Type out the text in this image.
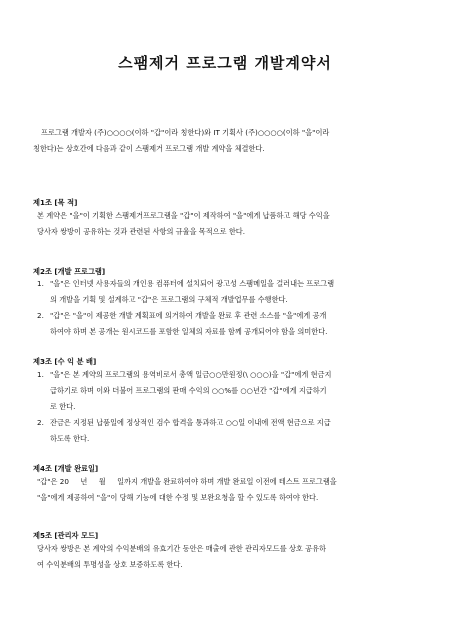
스팸제거 프로그램 개발계약서
프로그램 개발자 (주)○○○○(이하 "갑"이라 칭한다)와 IT 기획사 (주)○○○○(이하 "을"이라
칭한다)는 상호간에 다음과 같이 스팸제거 프로그램 개발 계약을 체결한다.
제1조 [목 적]
본 계약은 "을"이 기획한 스팸제거프로그램을 "갑"이 제작하여 "을"에게 납품하고 해당 수익을
당사자 쌍방이 공유하는 것과 관련된 사항의 규율을 목적으로 한다.
제2조 [개발 프로그램]
1. "을"은 인터넷 사용자들의 개인용 컴퓨터에 설치되어 광고성 스팸메일을 걸러내는 프로그램
의 개발을 기획 및 설계하고 "갑"은 프로그램의 구체적 개발업무를 수행한다.
2. "갑"은 "을"이 제공한 개발 계획표에 의거하여 개발을 완료 후 관련 소스를 "을"에게 공개
하여야 하며 본 공개는 원시코드를 포함한 일체의 자료를 함께 공개되어야 함을 의미한다.
제3조 [수 익 분 배]
1. "을"은 본 계약의 프로그램의 용역비로서 총액 일금○○만원정(\ ○○○)을 "갑"에게 현금지
급하기로 하며 이와 더불어 프로그램의 판매 수익의 ○○%를 ○○년간 "갑"에게 지급하기
로 한다.
2. 잔금은 지정된 납품일에 정상적인 검수 합격을 통과하고 ○○일 이내에 전액 현금으로 지급
하도록 한다.
제4조 [개발 완료일]
"갑"은 20     년     월     일까지 개발을 완료하여야 하며 개발 완료일 이전에 테스트 프로그램을
"을"에게 제공하여 "을"이 당해 기능에 대한 수정 및 보완요청을 할 수 있도록 하여야 한다.
제5조 [관리자 모드]
당사자 쌍방은 본 계약의 수익분배의 유효기간 동안은 매출에 관한 관리자모드를 상호 공유하
여 수익분배의 투명성을 상호 보증하도록 한다.
